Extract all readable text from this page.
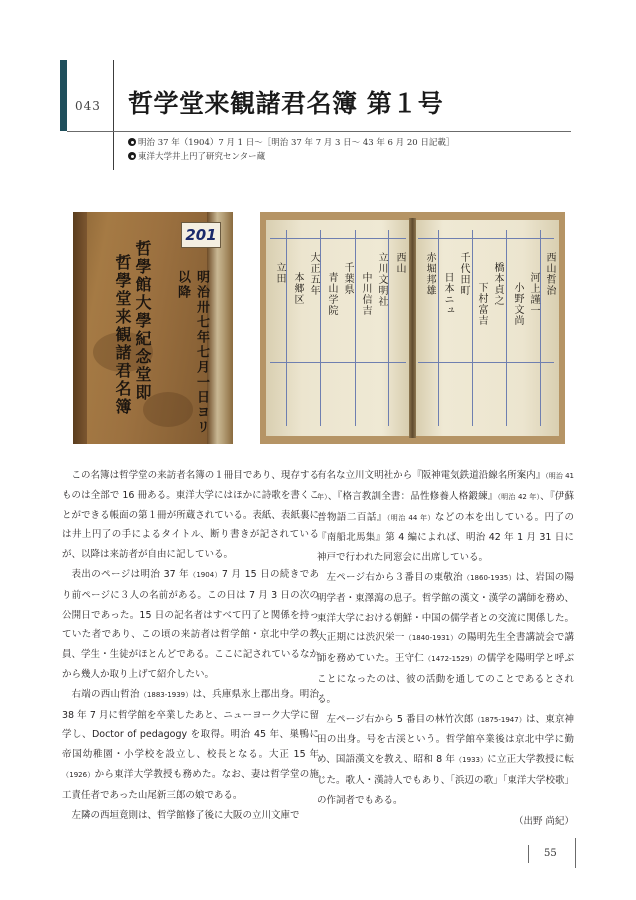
043 哲学堂来観諸君名簿 第１号
明治 37 年（1904）7 月 1 日～［明治 37 年 7 月 3 日～ 43 年 6 月 20 日記載］
東洋大学井上円了研究センター蔵
201
哲學館大學紀念堂即
哲學堂来観諸君名簿	明治卅七年七月一日ヨリ以降	西山哲治
河上謹一
小野文尚
橋本貞之
下村富吉
千代田町
日本ニュ
赤堀邦雄
西山
立川文明社
中川信吉
千葉県
青山学院
大正五年
本郷区
立田

この名簿は哲学堂の来訪者名簿の１冊目であり、現存するものは全部で 16 冊ある。東洋大学にはほかに詩歌を書くことができる帳面の第１冊が所蔵されている。表紙、表紙裏には井上円了の手によるタイトル、断り書きが記されているが、以降は来訪者が自由に記している。

表出のページは明治 37 年（1904）7 月 15 日の続きであり前ページに３人の名前がある。この日は 7 月 3 日の次の公開日であった。15 日の記名者はすべて円了と関係を持っていた者であり、この頃の来訪者は哲学館・京北中学の教員、学生・生徒がほとんどである。ここに記されているなかから幾人か取り上げて紹介したい。

右端の西山哲治（1883-1939）は、兵庫県氷上郡出身。明治 38 年 7 月に哲学館を卒業したあと、ニューヨーク大学に留学し、Doctor of pedagogy を取得。明治 45 年、巣鴨に帝国幼稚園・小学校を設立し、校長となる。大正 15 年（1926）から東洋大学教授も務めた。なお、妻は哲学堂の施工責任者であった山尾新三郎の娘である。

左隣の西垣竟則は、哲学館修了後に大阪の立川文庫で

有名な立川文明社から『阪神電気鉄道沿線名所案内』（明治 41 年）、『格言教訓全書：品性修養人格鍛練』（明治 42 年）、『伊蘇普物語二百話』（明治 44 年）などの本を出している。円了の『南船北馬集』第 4 編によれば、明治 42 年 1 月 31 日に神戸で行われた同窓会に出席している。

左ページ右から３番目の東敬治（1860-1935）は、岩国の陽明学者・東澤瀉の息子。哲学館の漢文・漢学の講師を務め、東洋大学における朝鮮・中国の儒学者との交流に関係した。大正期には渋沢栄一（1840-1931）の陽明先生全書講読会で講師を務めていた。王守仁（1472-1529）の儒学を陽明学と呼ぶことになったのは、彼の活動を通してのことであるとされる。

左ページ右から 5 番目の林竹次郎（1875-1947）は、東京神田の出身。号を古渓という。哲学館卒業後は京北中学に勤め、国語漢文を教え、昭和 8 年（1933）に立正大学教授に転じた。歌人・漢詩人でもあり、「浜辺の歌」「東洋大学校歌」の作詞者でもある。

（出野 尚紀）
55
